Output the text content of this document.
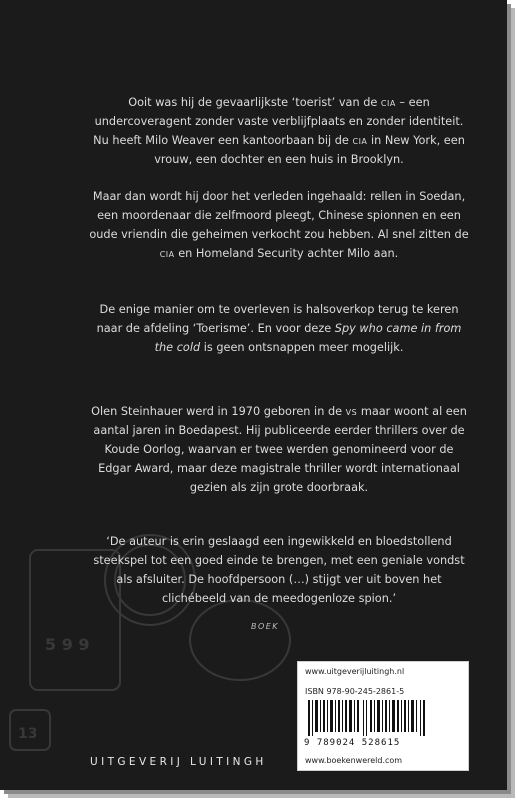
5 9 9
13

Ooit was hij de gevaarlijkste ‘toerist’ van de cia – een undercoveragent zonder vaste verblijfplaats en zonder identiteit. Nu heeft Milo Weaver een kantoorbaan bij de cia in New York, een vrouw, een dochter en een huis in Brooklyn.

Maar dan wordt hij door het verleden ingehaald: rellen in Soedan, een moordenaar die zelfmoord pleegt, Chinese spionnen en een oude vriendin die geheimen verkocht zou hebben. Al snel zitten de cia en Homeland Security achter Milo aan.

De enige manier om te overleven is halsoverkop terug te keren naar de afdeling ‘Toerisme’. En voor deze Spy who came in from the cold is geen ontsnappen meer mogelijk.

Olen Steinhauer werd in 1970 geboren in de vs maar woont al een aantal jaren in Boedapest. Hij publiceerde eerder thrillers over de Koude Oorlog, waarvan er twee werden genomineerd voor de Edgar Award, maar deze magistrale thriller wordt internationaal gezien als zijn grote doorbraak.

‘De auteur is erin geslaagd een ingewikkeld en bloedstollend steekspel tot een goed einde te brengen, met een geniale vondst als afsluiter. De hoofdpersoon (…) stijgt ver uit boven het clichébeeld van de meedogenloze spion.’

BOEK
www.uitgeverijluitingh.nl
ISBN 978-90-245-2861-5
9 789024 528615
www.boekenwereld.com
UITGEVERIJ LUITINGH
